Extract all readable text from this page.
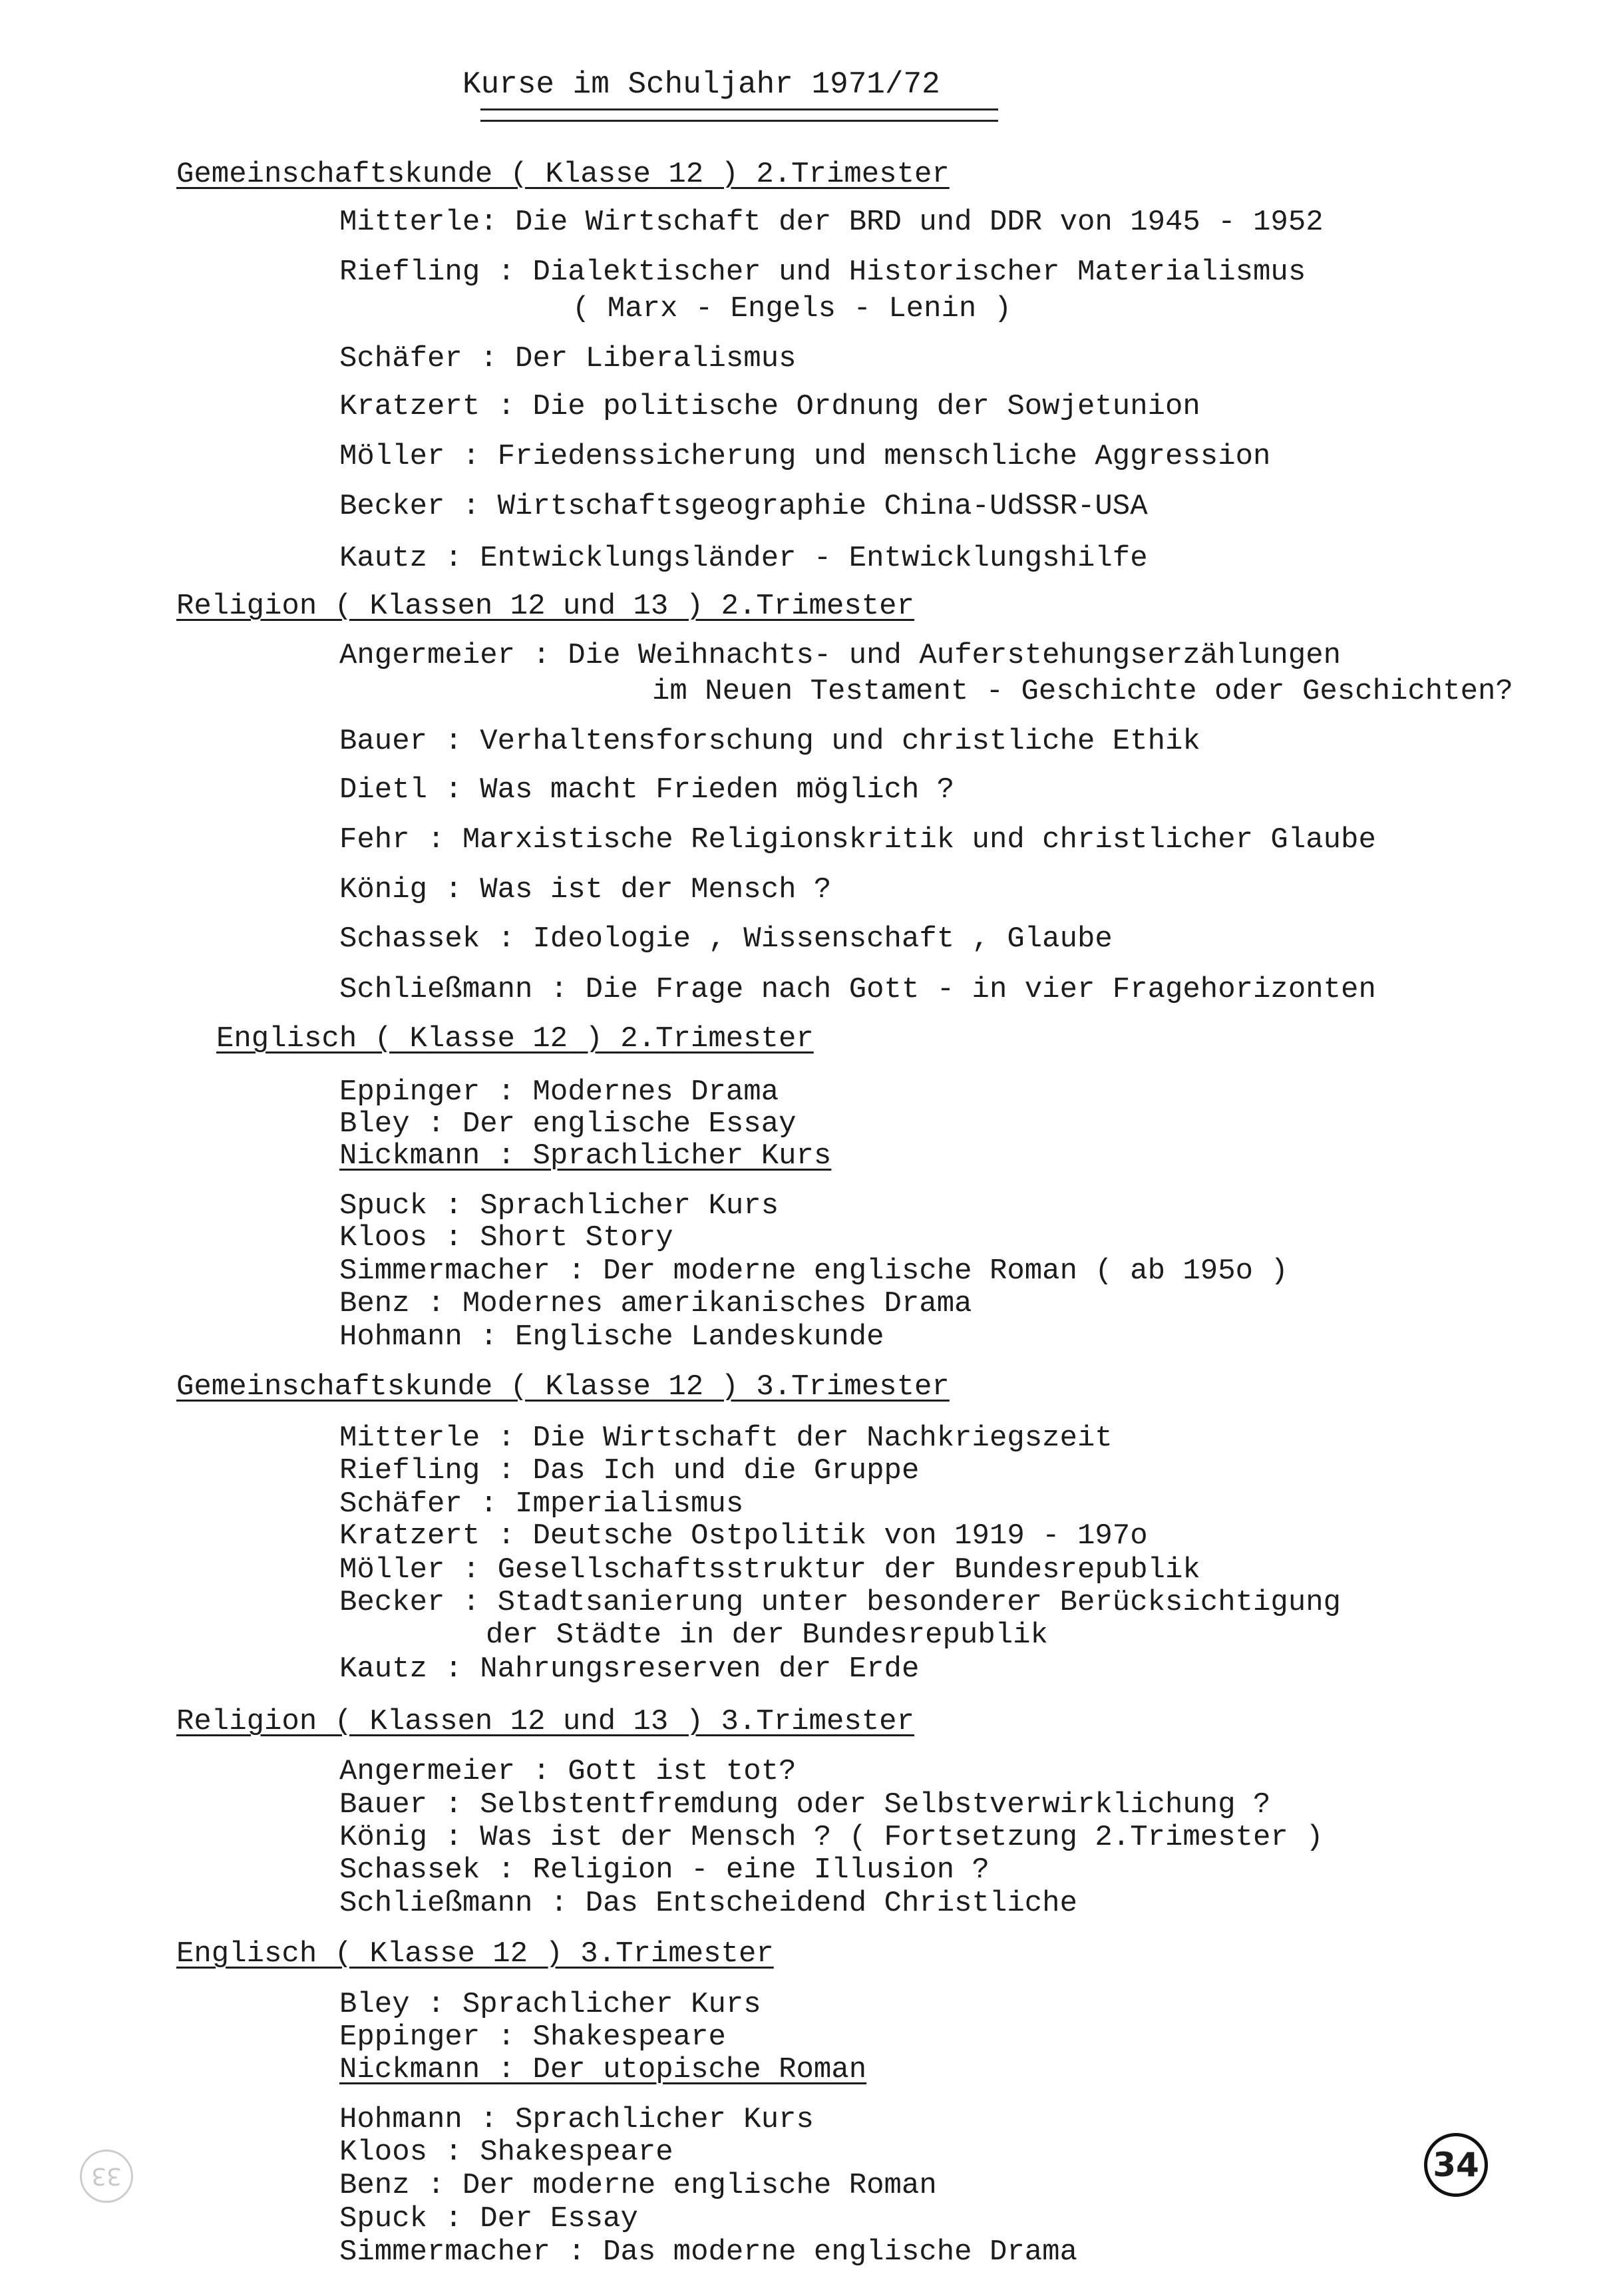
Kurse im Schuljahr 1971/72
Gemeinschaftskunde ( Klasse 12 ) 2.Trimester
Mitterle: Die Wirtschaft der BRD und DDR von 1945 - 1952
Riefling : Dialektischer und Historischer Materialismus
( Marx - Engels - Lenin )
Schäfer : Der Liberalismus
Kratzert : Die politische Ordnung der Sowjetunion
Möller : Friedenssicherung und menschliche Aggression
Becker : Wirtschaftsgeographie China-UdSSR-USA
Kautz : Entwicklungsländer - Entwicklungshilfe
Religion ( Klassen 12 und 13 ) 2.Trimester
Angermeier : Die Weihnachts- und Auferstehungserzählungen
im Neuen Testament - Geschichte oder Geschichten?
Bauer : Verhaltensforschung und christliche Ethik
Dietl : Was macht Frieden möglich ?
Fehr : Marxistische Religionskritik und christlicher Glaube
König : Was ist der Mensch ?
Schassek : Ideologie , Wissenschaft , Glaube
Schließmann : Die Frage nach Gott - in vier Fragehorizonten
Englisch ( Klasse 12 ) 2.Trimester
Eppinger : Modernes Drama
Bley : Der englische Essay
Nickmann : Sprachlicher Kurs
Spuck : Sprachlicher Kurs
Kloos : Short Story
Simmermacher : Der moderne englische Roman ( ab 195o )
Benz : Modernes amerikanisches Drama
Hohmann : Englische Landeskunde
Gemeinschaftskunde ( Klasse 12 ) 3.Trimester
Mitterle : Die Wirtschaft der Nachkriegszeit
Riefling : Das Ich und die Gruppe
Schäfer : Imperialismus
Kratzert : Deutsche Ostpolitik von 1919 - 197o
Möller : Gesellschaftsstruktur der Bundesrepublik
Becker : Stadtsanierung unter besonderer Berücksichtigung
der Städte in der Bundesrepublik
Kautz : Nahrungsreserven der Erde
Religion ( Klassen 12 und 13 ) 3.Trimester
Angermeier : Gott ist tot?
Bauer : Selbstentfremdung oder Selbstverwirklichung ?
König : Was ist der Mensch ? ( Fortsetzung 2.Trimester )
Schassek : Religion - eine Illusion ?
Schließmann : Das Entscheidend Christliche
Englisch ( Klasse 12 ) 3.Trimester
Bley : Sprachlicher Kurs
Eppinger : Shakespeare
Nickmann : Der utopische Roman
Hohmann : Sprachlicher Kurs
Kloos : Shakespeare
Benz : Der moderne englische Roman
Spuck : Der Essay
Simmermacher : Das moderne englische Drama
33	34
